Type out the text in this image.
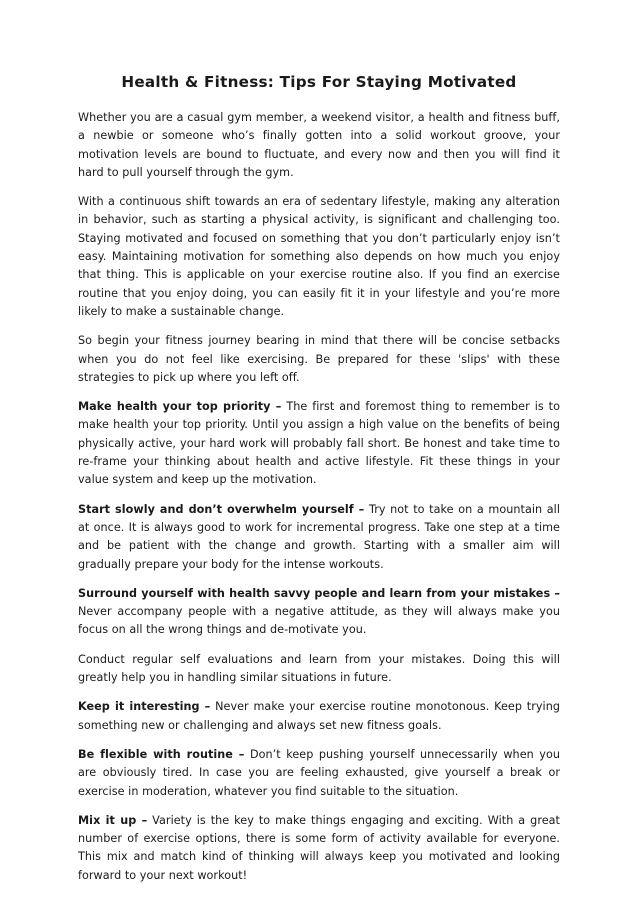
Health & Fitness: Tips For Staying Motivated

Whether you are a casual gym member, a weekend visitor, a health and fitness buff, a newbie or someone who’s finally gotten into a solid workout groove, your motivation levels are bound to fluctuate, and every now and then you will find it hard to pull yourself through the gym.

With a continuous shift towards an era of sedentary lifestyle, making any alteration in behavior, such as starting a physical activity, is significant and challenging too. Staying motivated and focused on something that you don’t particularly enjoy isn’t easy. Maintaining motivation for something also depends on how much you enjoy that thing. This is applicable on your exercise routine also. If you find an exercise routine that you enjoy doing, you can easily fit it in your lifestyle and you’re more likely to make a sustainable change.

So begin your fitness journey bearing in mind that there will be concise setbacks when you do not feel like exercising. Be prepared for these 'slips' with these strategies to pick up where you left off.

Make health your top priority – The first and foremost thing to remember is to make health your top priority. Until you assign a high value on the benefits of being physically active, your hard work will probably fall short. Be honest and take time to re-frame your thinking about health and active lifestyle. Fit these things in your value system and keep up the motivation.

Start slowly and don’t overwhelm yourself – Try not to take on a mountain all at once. It is always good to work for incremental progress. Take one step at a time and be patient with the change and growth. Starting with a smaller aim will gradually prepare your body for the intense workouts.

Surround yourself with health savvy people and learn from your mistakes – Never accompany people with a negative attitude, as they will always make you focus on all the wrong things and de-motivate you.

Conduct regular self evaluations and learn from your mistakes. Doing this will greatly help you in handling similar situations in future.

Keep it interesting – Never make your exercise routine monotonous. Keep trying something new or challenging and always set new fitness goals.

Be flexible with routine – Don’t keep pushing yourself unnecessarily when you are obviously tired. In case you are feeling exhausted, give yourself a break or exercise in moderation, whatever you find suitable to the situation.

Mix it up – Variety is the key to make things engaging and exciting. With a great number of exercise options, there is some form of activity available for everyone. This mix and match kind of thinking will always keep you motivated and looking forward to your next workout!
